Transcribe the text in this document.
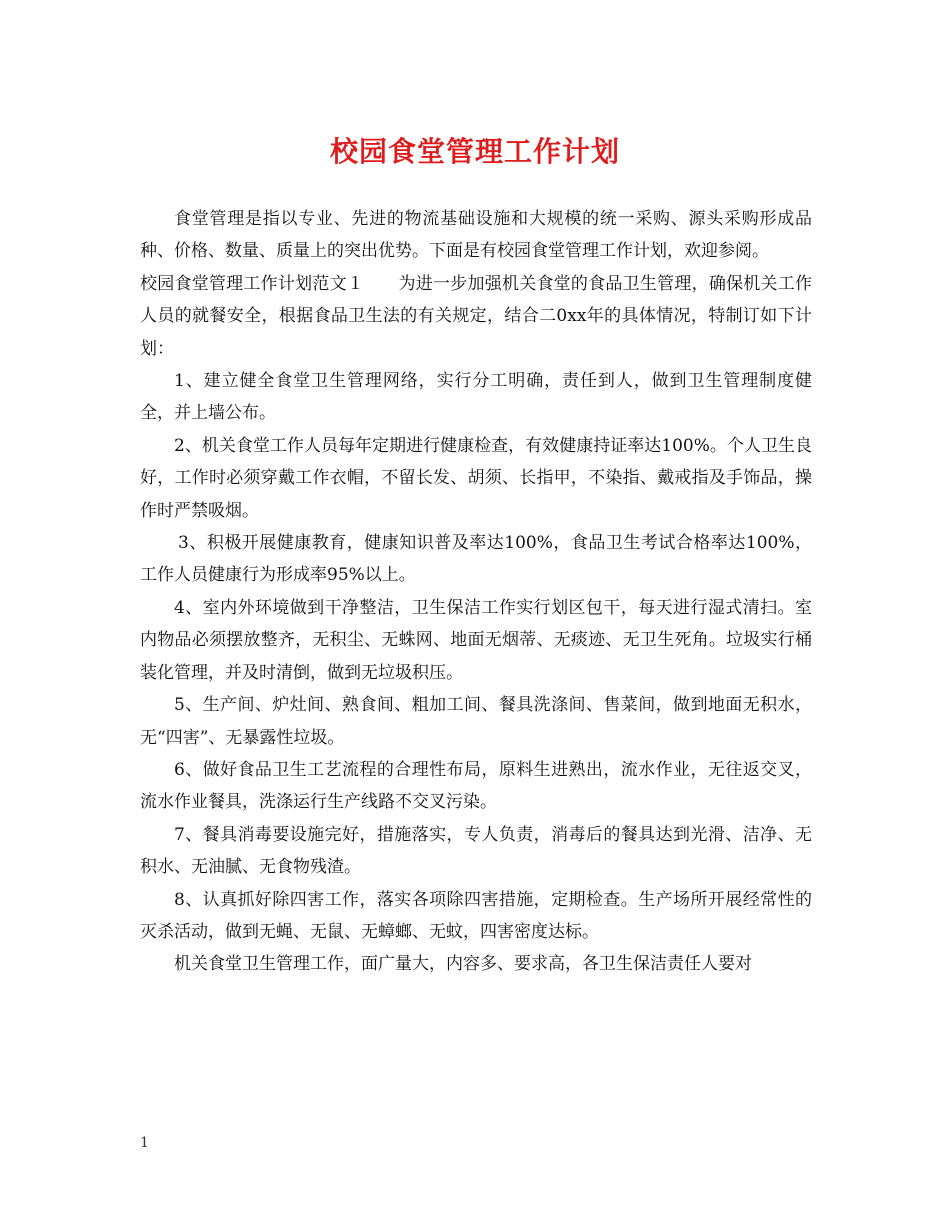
校园食堂管理工作计划

食堂管理是指以专业、先进的物流基础设施和大规模的统一采购、源头采购形成品种、价格、数量、质量上的突出优势。下面是有校园食堂管理工作计划，欢迎参阅。

校园食堂管理工作计划范文１　　为进一步加强机关食堂的食品卫生管理，确保机关工作人员的就餐安全，根据食品卫生法的有关规定，结合二0xx年的具体情况，特制订如下计划：

1、建立健全食堂卫生管理网络，实行分工明确，责任到人，做到卫生管理制度健全，并上墙公布。

2、机关食堂工作人员每年定期进行健康检查，有效健康持证率达100%。个人卫生良好，工作时必须穿戴工作衣帽，不留长发、胡须、长指甲，不染指、戴戒指及手饰品，操作时严禁吸烟。

3、积极开展健康教育，健康知识普及率达100%，食品卫生考试合格率达100%，工作人员健康行为形成率95%以上。

4、室内外环境做到干净整洁，卫生保洁工作实行划区包干，每天进行湿式清扫。室内物品必须摆放整齐，无积尘、无蛛网、地面无烟蒂、无痰迹、无卫生死角。垃圾实行桶装化管理，并及时清倒，做到无垃圾积压。

5、生产间、炉灶间、熟食间、粗加工间、餐具洗涤间、售菜间，做到地面无积水，无“四害”、无暴露性垃圾。

6、做好食品卫生工艺流程的合理性布局，原料生进熟出，流水作业，无往返交叉，流水作业餐具，洗涤运行生产线路不交叉污染。

7、餐具消毒要设施完好，措施落实，专人负责，消毒后的餐具达到光滑、洁净、无积水、无油腻、无食物残渣。

8、认真抓好除四害工作，落实各项除四害措施，定期检查。生产场所开展经常性的灭杀活动，做到无蝇、无鼠、无蟑螂、无蚊，四害密度达标。

机关食堂卫生管理工作，面广量大，内容多、要求高，各卫生保洁责任人要对

1
